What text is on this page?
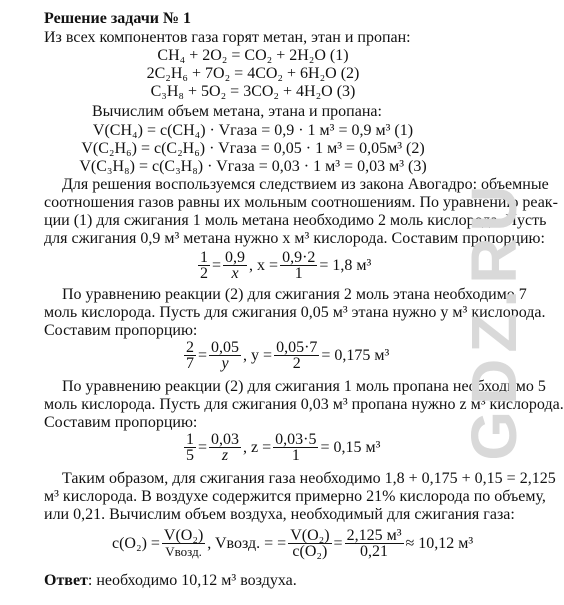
Решение задачи № 1
Из всех компонентов газа горят метан, этан и пропан:
CH₄ + 2O₂ = CO₂ + 2H₂O (1)
2C₂H₆ + 7O₂ = 4CO₂ + 6H₂O (2)
C₃H₈ + 5O₂ = 3CO₂ + 4H₂O (3)
Вычислим объем метана, этана и пропана:
V(CH₄) = c(CH₄) · Vгаза = 0,9 · 1 м³ = 0,9 м³ (1)
V(C₂H₆) = c(C₂H₆) · Vгаза = 0,05 · 1 м³ = 0,05м³ (2)
V(C₃H₈) = c(C₃H₈) · Vгаза = 0,03 · 1 м³ = 0,03 м³ (3)
Для решения воспользуемся следствием из закона Авогадро: объемные
соотношения газов равны их мольным соотношениям. По уравнению реак-
ции (1) для сжигания 1 моль метана необходимо 2 моль кислорода. Пусть
для сжигания 0,9 м³ метана нужно х м³ кислорода. Составим пропорцию:
$\frac{1}{2} = \frac{0,9}{x}$ , $x = \frac{0,9\cdot 2}{1} = 1,8$ м³
По уравнению реакции (2) для сжигания 2 моль этана необходимо 7
моль кислорода. Пусть для сжигания 0,05 м³ этана нужно у м³ кислорода.
Составим пропорцию:
$\frac{2}{7} = \frac{0,05}{y}$ , $y = \frac{0,05\cdot 7}{2} = 0,175$ м³
По уравнению реакции (2) для сжигания 1 моль пропана необходимо 5
моль кислорода. Пусть для сжигания 0,03 м³ пропана нужно z м³ кислорода.
Составим пропорцию:
$\frac{1}{5} = \frac{0,03}{z}$ , $z = \frac{0,03\cdot 5}{1} = 0,15$ м³
Таким образом, для сжигания газа необходимо 1,8 + 0,175 + 0,15 = 2,125
м³ кислорода. В воздухе содержится примерно 21% кислорода по объему,
или 0,21. Вычислим объем воздуха, необходимый для сжигания газа:
$c(O_2) = \frac{\text{V(O₂)}}{\text{Vвозд.}}$ , Vвозд. = = $\frac{\text{V(O₂)}}{\text{c(O₂)}} = \frac{\text{2,125 м³}}{0,21} \approx 10,12$ м³
Ответ: необходимо 10,12 м³ воздуха.
GDZ.RU
